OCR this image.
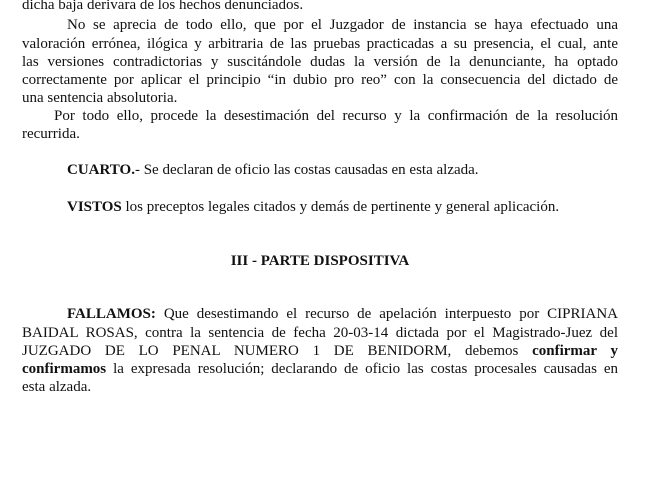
dicha baja derivara de los hechos denunciados.
No se aprecia de todo ello, que por el Juzgador de instancia se haya efectuado una
valoración errónea, ilógica y arbitraria de las pruebas practicadas a su presencia, el cual, ante
las versiones contradictorias y suscitándole dudas la versión de la denunciante, ha optado
correctamente por aplicar el principio “in dubio pro reo” con la consecuencia del dictado de
una sentencia absolutoria.
Por todo ello, procede la desestimación del recurso y la confirmación de la resolución
recurrida.
CUARTO.- Se declaran de oficio las costas causadas en esta alzada.
VISTOS los preceptos legales citados y demás de pertinente y general aplicación.
III - PARTE DISPOSITIVA
FALLAMOS: Que desestimando el recurso de apelación interpuesto por CIPRIANA
BAIDAL ROSAS, contra la sentencia de fecha 20-03-14 dictada por el Magistrado-Juez del
JUZGADO DE LO PENAL NUMERO 1 DE BENIDORM, debemos confirmar y
confirmamos la expresada resolución; declarando de oficio las costas procesales causadas en
esta alzada.
